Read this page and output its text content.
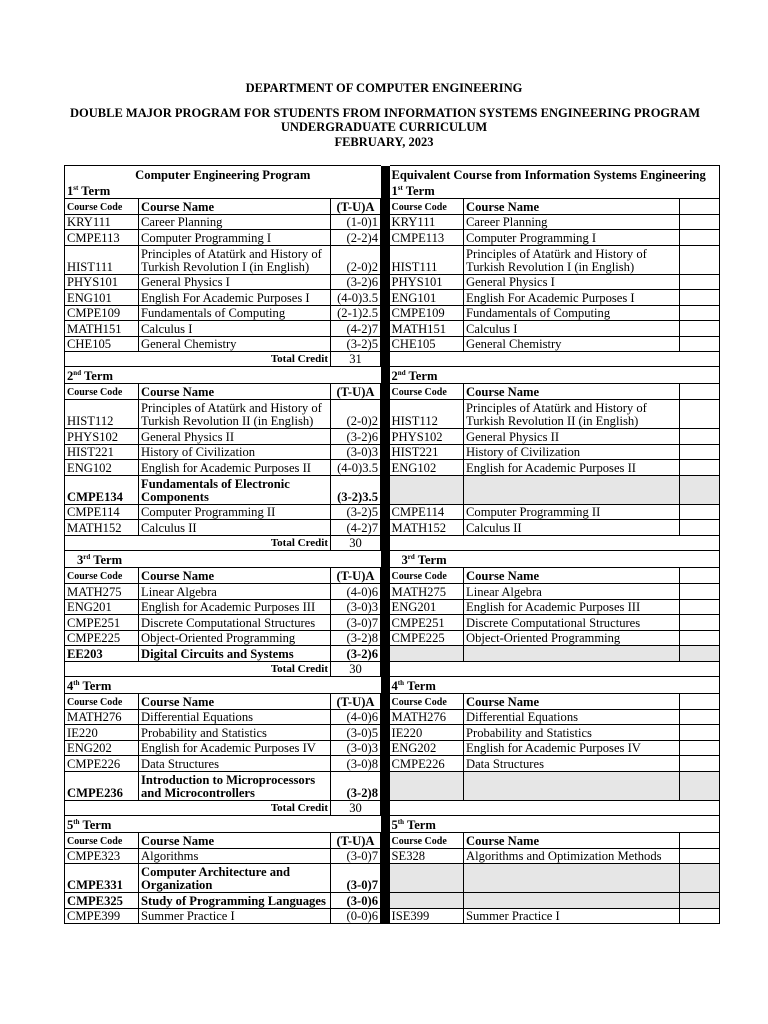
DEPARTMENT OF COMPUTER ENGINEERING
DOUBLE MAJOR PROGRAM FOR STUDENTS FROM INFORMATION SYSTEMS ENGINEERING PROGRAM
UNDERGRADUATE CURRICULUM
FEBRUARY, 2023
Computer Engineering Program				Equivalent Course from Information Systems Engineering		
1st Term				1st Term		
Course Code	Course Name	(T-U)A		Course Code	Course Name	
KRY111	Career Planning	(1-0)1		KRY111	Career Planning	
CMPE113	Computer Programming I	(2-2)4		CMPE113	Computer Programming I	
HIST111	Principles of Atatürk and History of Turkish Revolution I (in English)	(2-0)2		HIST111	Principles of Atatürk and History of Turkish Revolution I (in English)	
PHYS101	General Physics I	(3-2)6		PHYS101	General Physics I	
ENG101	English For Academic Purposes I	(4-0)3.5		ENG101	English For Academic Purposes I	
CMPE109	Fundamentals of Computing	(2-1)2.5		CMPE109	Fundamentals of Computing	
MATH151	Calculus I	(4-2)7		MATH151	Calculus I	
CHE105	General Chemistry	(3-2)5		CHE105	General Chemistry	
Total Credit		31				
2nd Term				2nd Term		
Course Code	Course Name	(T-U)A		Course Code	Course Name	
HIST112	Principles of Atatürk and History of Turkish Revolution II (in English)	(2-0)2		HIST112	Principles of Atatürk and History of Turkish Revolution II (in English)	
PHYS102	General Physics II	(3-2)6		PHYS102	General Physics II	
HIST221	History of Civilization	(3-0)3		HIST221	History of Civilization	
ENG102	English for Academic Purposes II	(4-0)3.5		ENG102	English for Academic Purposes II	
CMPE134	Fundamentals of Electronic Components	(3-2)3.5				
CMPE114	Computer Programming II	(3-2)5		CMPE114	Computer Programming II	
MATH152	Calculus II	(4-2)7		MATH152	Calculus II	
Total Credit		30				
3rd Term				3rd Term		
Course Code	Course Name	(T-U)A		Course Code	Course Name	
MATH275	Linear Algebra	(4-0)6		MATH275	Linear Algebra	
ENG201	English for Academic Purposes III	(3-0)3		ENG201	English for Academic Purposes III	
CMPE251	Discrete Computational Structures	(3-0)7		CMPE251	Discrete Computational Structures	
CMPE225	Object-Oriented Programming	(3-2)8		CMPE225	Object-Oriented Programming	
EE203	Digital Circuits and Systems	(3-2)6				
Total Credit		30				
4th Term				4th Term		
Course Code	Course Name	(T-U)A		Course Code	Course Name	
MATH276	Differential Equations	(4-0)6		MATH276	Differential Equations	
IE220	Probability and Statistics	(3-0)5		IE220	Probability and Statistics	
ENG202	English for Academic Purposes IV	(3-0)3		ENG202	English for Academic Purposes IV	
CMPE226	Data Structures	(3-0)8		CMPE226	Data Structures	
CMPE236	Introduction to Microprocessors and Microcontrollers	(3-2)8				
Total Credit		30				
5th Term				5th Term		
Course Code	Course Name	(T-U)A		Course Code	Course Name	
CMPE323	Algorithms	(3-0)7		SE328	Algorithms and Optimization Methods	
CMPE331	Computer Architecture and Organization	(3-0)7				
CMPE325	Study of Programming Languages	(3-0)6				
CMPE399	Summer Practice I	(0-0)6		ISE399	Summer Practice I	
